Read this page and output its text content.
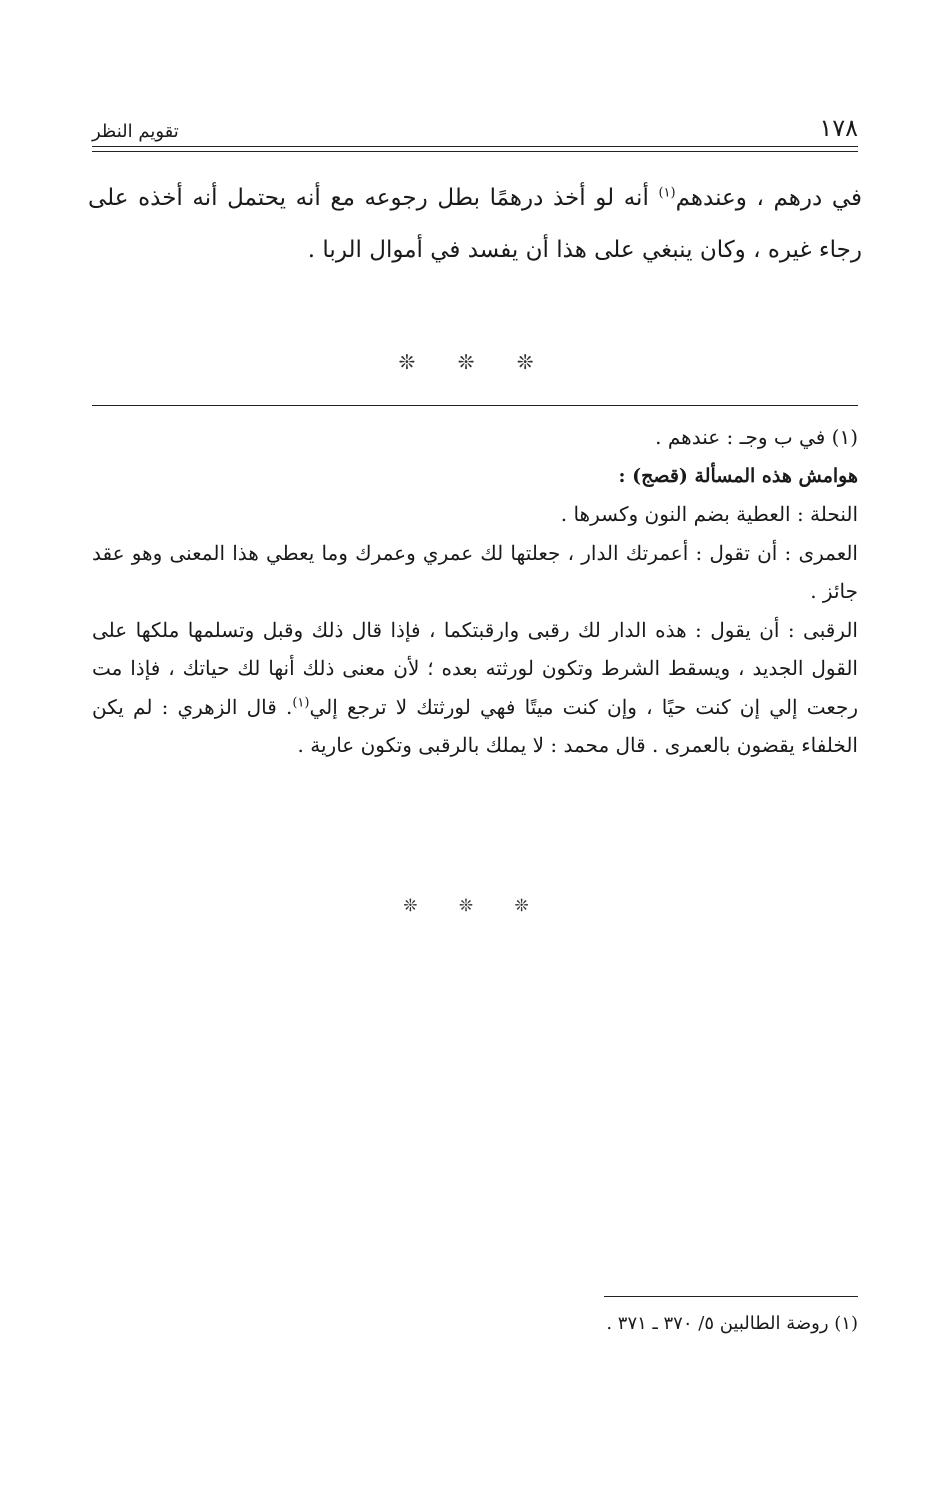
١٧٨
تقويم النظر

في درهم ، وعندهم$^{(١)}$ أنه لو أخذ درهمًا بطل رجوعه مع أنه يحتمل أنه أخذه على رجاء غيره ، وكان ينبغي على هذا أن يفسد في أموال الربا .

❊ ❊ ❊

(١) في ب وجـ : عندهم .

هوامش هذه المسألة (قصج) :

النحلة : العطية بضم النون وكسرها .

العمرى : أن تقول : أعمرتك الدار ، جعلتها لك عمري وعمرك وما يعطي هذا المعنى وهو عقد جائز .

الرقبى : أن يقول : هذه الدار لك رقبى وارقبتكما ، فإذا قال ذلك وقبل وتسلمها ملكها على القول الجديد ، ويسقط الشرط وتكون لورثته بعده ؛ لأن معنى ذلك أنها لك حياتك ، فإذا مت رجعت إلي إن كنت حيًا ، وإن كنت ميتًا فهي لورثتك لا ترجع إلي$^{(١)}$. قال الزهري : لم يكن الخلفاء يقضون بالعمرى . قال محمد : لا يملك بالرقبى وتكون عارية .

❊ ❊ ❊
(١) روضة الطالبين ٥/ ٣٧٠ ـ ٣٧١ .
